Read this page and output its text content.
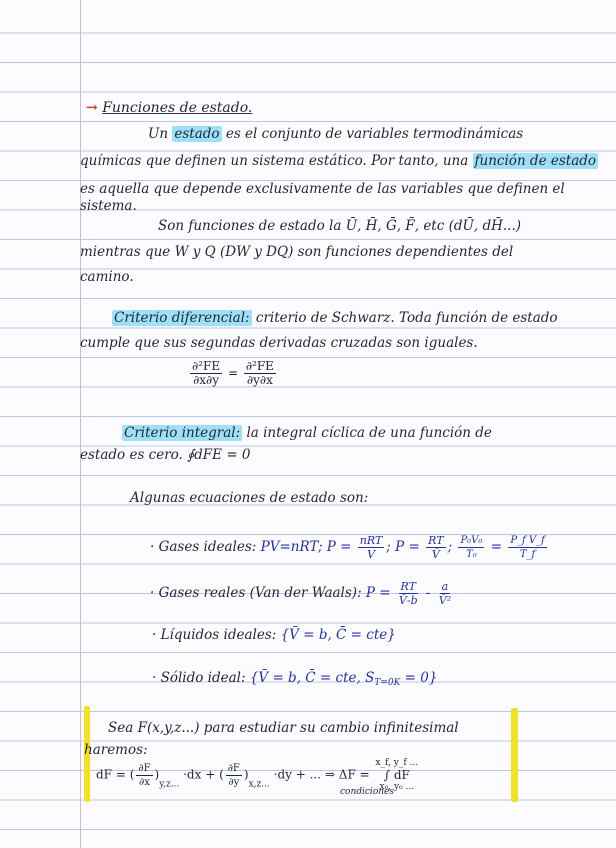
→ Funciones de estado.
Un estado es el conjunto de variables termodinámicas
químicas que definen un sistema estático. Por tanto, una función de estado
es aquella que depende exclusivamente de las variables que definen el
sistema.
Son funciones de estado la Ū, H̄, Ḡ, F̄, etc (dŪ, dH̄...)
mientras que W y Q (DW y DQ) son funciones dependientes del
camino.
Criterio diferencial: criterio de Schwarz. Toda función de estado
cumple que sus segundas derivadas cruzadas son iguales.
$\frac{\text{∂²FE}}{\partial x\partial y} = \frac{\text{∂²FE}}{\partial y\partial x}$
Criterio integral: la integral cíclica de una función de
estado es cero. ∮dFE = 0
Algunas ecuaciones de estado son:
· Gases ideales: PV=nRT; $P = \frac{\text{nRT}}{V}$ ; $P = \frac{RT}{V̄}$ ; $\frac{\text{P₀V₀}}{\text{T₀}} = \frac{\text{P\_f V\_f}}{T\_f}$
· Gases reales (Van der Waals): $P = \frac{RT}{V̄-b} - \frac{a}{\text{V̄²}}$
· Líquidos ideales: {V̄ = b, C̄ = cte}
· Sólido ideal: {V̄ = b, C̄ = cte, $S_{T=0K} = 0$}
Sea F(x,y,z...) para estudiar su cambio infinitesimal
haremos:
dF = ( $\frac{\partial F}{\partial x} )_{y,z...} \cdot dx$ + ( $\frac{\partial F}{\partial y} )_{x,z...} \cdot dy$ + ... ⇒ ΔF =
x_f, y_f ...
∫ dF
x₀, y₀ ...
condiciones
